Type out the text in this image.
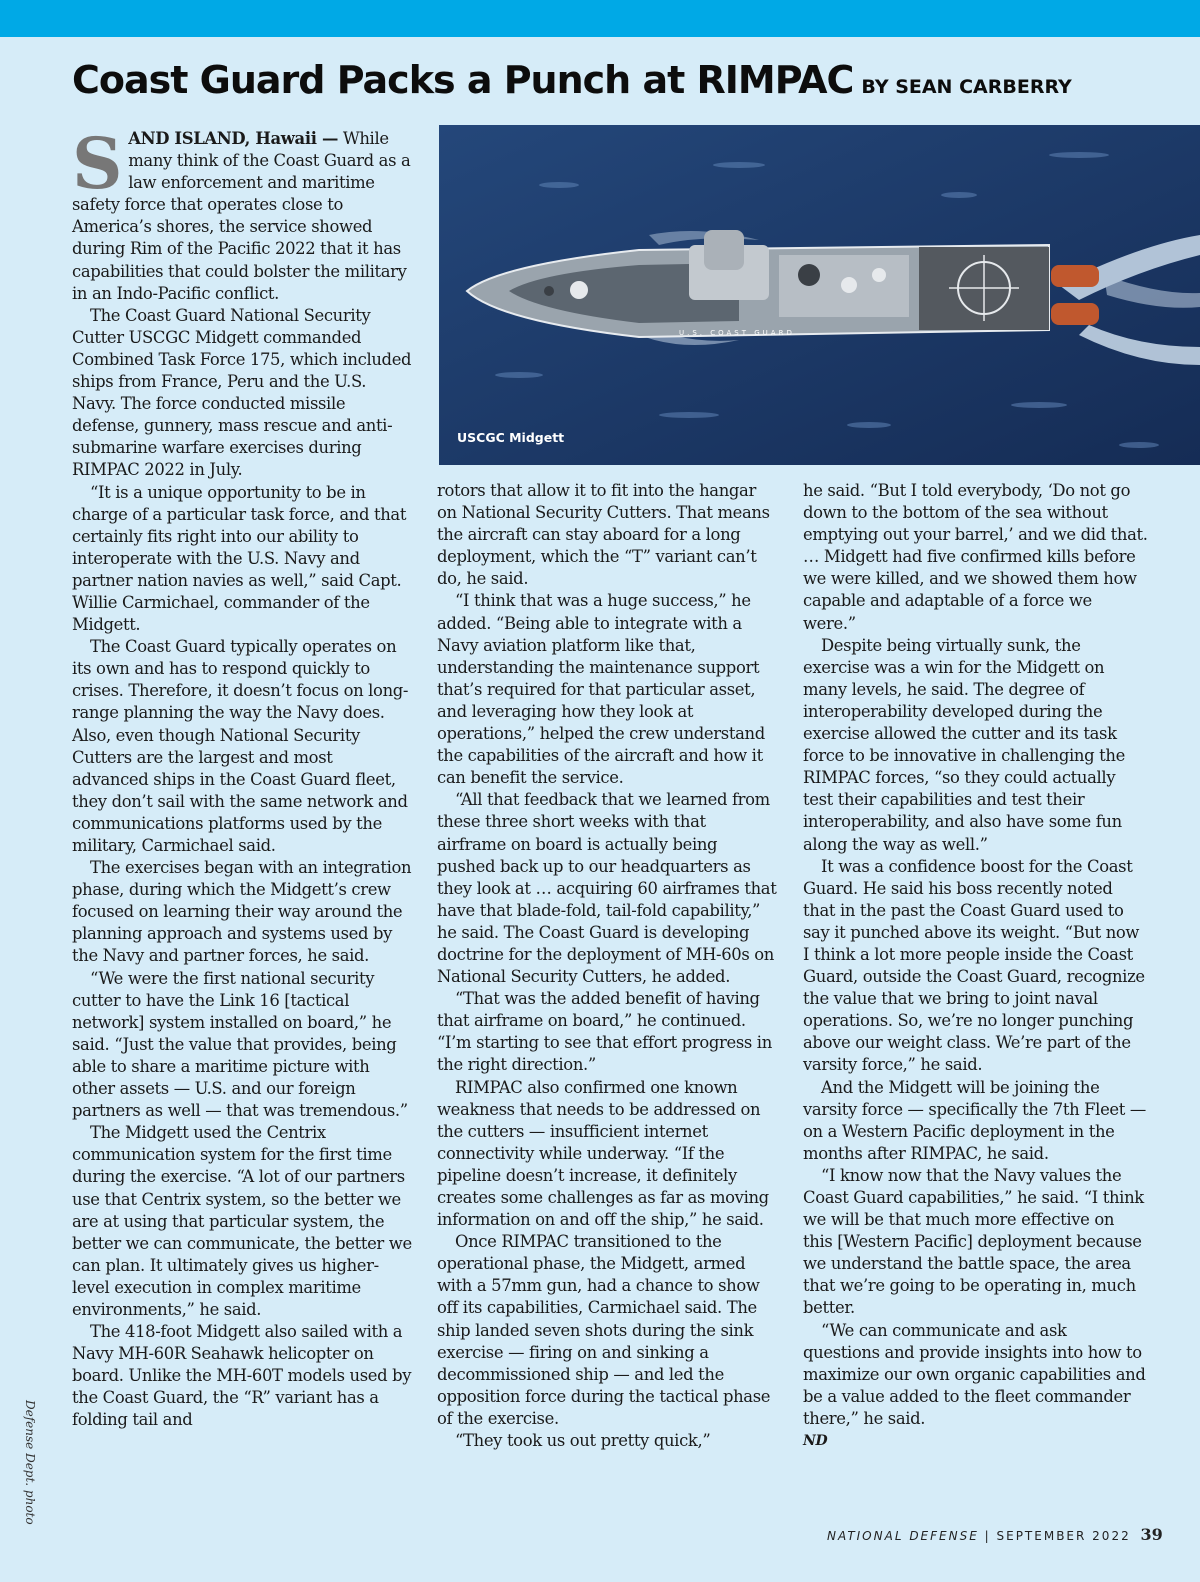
Coast Guard Packs a Punch at RIMPAC BY SEAN CARBERRY
U.S. COAST GUARD
USCGC Midgett

SAND ISLAND, Hawaii — While many think of the Coast Guard as a law enforcement and maritime safety force that operates close to America’s shores, the service showed during Rim of the Pacific 2022 that it has capabilities that could bolster the military in an Indo-Pacific conflict.

The Coast Guard National Security Cutter USCGC Midgett commanded Combined Task Force 175, which included ships from France, Peru and the U.S. Navy. The force conducted missile defense, gunnery, mass rescue and anti-submarine warfare exercises during RIMPAC 2022 in July.

“It is a unique opportunity to be in charge of a particular task force, and that certainly fits right into our ability to interoperate with the U.S. Navy and partner nation navies as well,” said Capt. Willie Carmichael, commander of the Midgett.

The Coast Guard typically operates on its own and has to respond quickly to crises. Therefore, it doesn’t focus on long-range planning the way the Navy does. Also, even though National Security Cutters are the largest and most advanced ships in the Coast Guard fleet, they don’t sail with the same network and communications platforms used by the military, Carmichael said.

The exercises began with an integration phase, during which the Midgett’s crew focused on learning their way around the planning approach and systems used by the Navy and partner forces, he said.

“We were the first national security cutter to have the Link 16 [tactical network] system installed on board,” he said. “Just the value that provides, being able to share a maritime picture with other assets — U.S. and our foreign partners as well — that was tremendous.”

The Midgett used the Centrix communication system for the first time during the exercise. “A lot of our partners use that Centrix system, so the better we are at using that particular system, the better we can communicate, the better we can plan. It ultimately gives us higher-level execution in complex maritime environments,” he said.

The 418-foot Midgett also sailed with a Navy MH-60R Seahawk helicopter on board. Unlike the MH-60T models used by the Coast Guard, the “R” variant has a folding tail and

rotors that allow it to fit into the hangar on National Security Cutters. That means the aircraft can stay aboard for a long deployment, which the “T” variant can’t do, he said.

“I think that was a huge success,” he added. “Being able to integrate with a Navy aviation platform like that, understanding the maintenance support that’s required for that particular asset, and leveraging how they look at operations,” helped the crew understand the capabilities of the aircraft and how it can benefit the service.

“All that feedback that we learned from these three short weeks with that airframe on board is actually being pushed back up to our headquarters as they look at … acquiring 60 airframes that have that blade-fold, tail-fold capability,” he said. The Coast Guard is developing doctrine for the deployment of MH-60s on National Security Cutters, he added.

“That was the added benefit of having that airframe on board,” he continued. “I’m starting to see that effort progress in the right direction.”

RIMPAC also confirmed one known weakness that needs to be addressed on the cutters — insufficient internet connectivity while underway. “If the pipeline doesn’t increase, it definitely creates some challenges as far as moving information on and off the ship,” he said.

Once RIMPAC transitioned to the operational phase, the Midgett, armed with a 57mm gun, had a chance to show off its capabilities, Carmichael said. The ship landed seven shots during the sink exercise — firing on and sinking a decommissioned ship — and led the opposition force during the tactical phase of the exercise.

“They took us out pretty quick,”

he said. “But I told everybody, ‘Do not go down to the bottom of the sea without emptying out your barrel,’ and we did that. … Midgett had five confirmed kills before we were killed, and we showed them how capable and adaptable of a force we were.”

Despite being virtually sunk, the exercise was a win for the Midgett on many levels, he said. The degree of interoperability developed during the exercise allowed the cutter and its task force to be innovative in challenging the RIMPAC forces, “so they could actually test their capabilities and test their interoperability, and also have some fun along the way as well.”

It was a confidence boost for the Coast Guard. He said his boss recently noted that in the past the Coast Guard used to say it punched above its weight. “But now I think a lot more people inside the Coast Guard, outside the Coast Guard, recognize the value that we bring to joint naval operations. So, we’re no longer punching above our weight class. We’re part of the varsity force,” he said.

And the Midgett will be joining the varsity force — specifically the 7th Fleet — on a Western Pacific deployment in the months after RIMPAC, he said.

“I know now that the Navy values the Coast Guard capabilities,” he said. “I think we will be that much more effective on this [Western Pacific] deployment because we understand the battle space, the area that we’re going to be operating in, much better.

“We can communicate and ask questions and provide insights into how to maximize our own organic capabilities and be a value added to the fleet commander there,” he said.

ND
Defense Dept. photo
NATIONAL DEFENSE | SEPTEMBER 2022 39
